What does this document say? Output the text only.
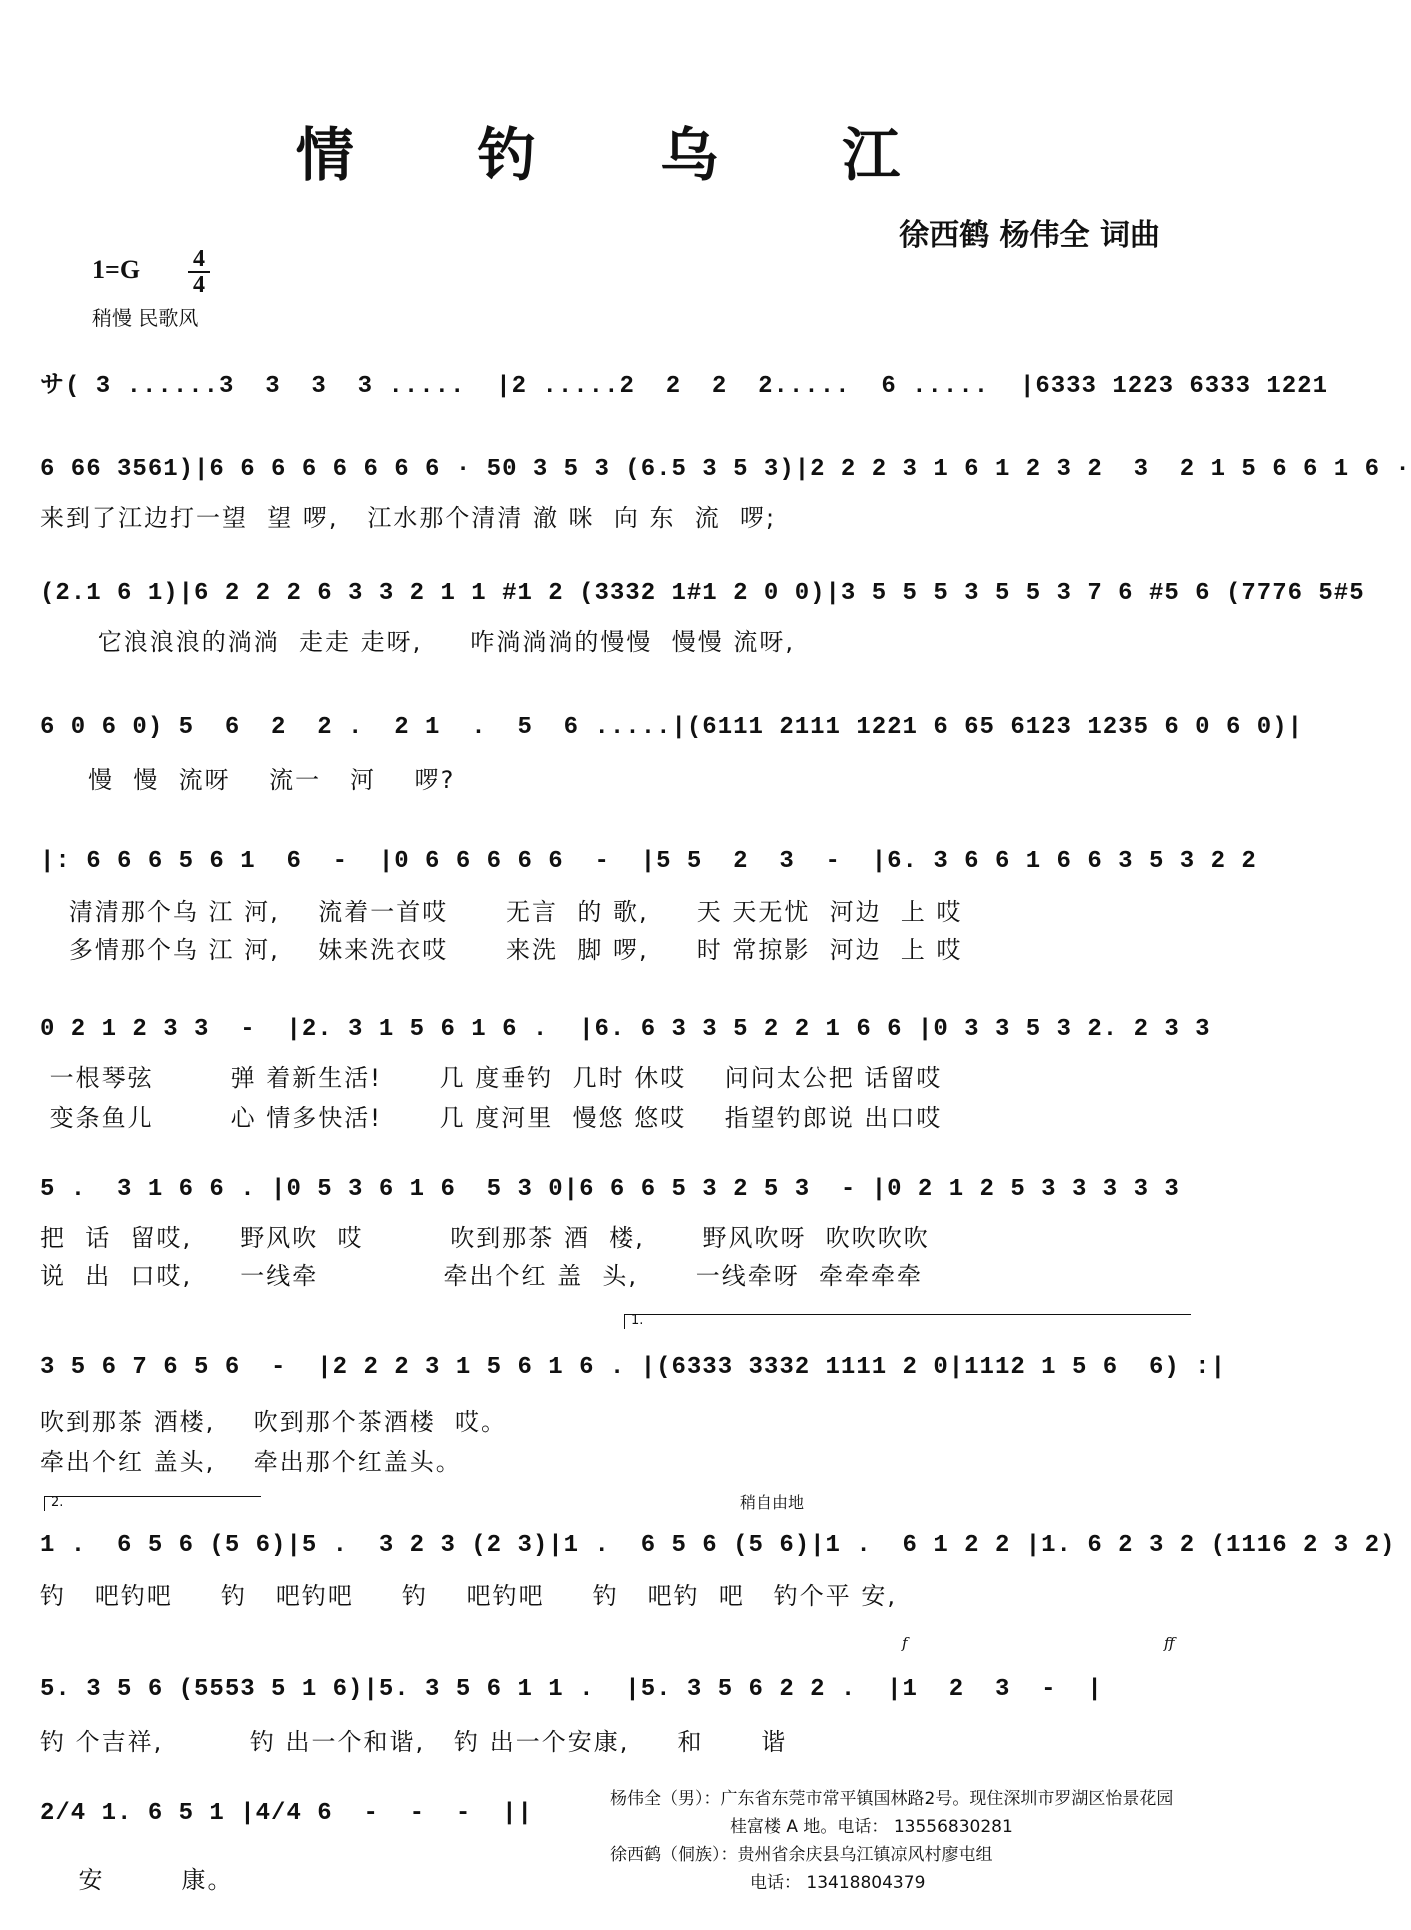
情 钓 乌 江
徐西鹤 杨伟全 词曲
1=G 4
4
稍慢 民歌风
サ( 3 ......3  3  3  3 .....  |2 .....2  2  2  2.....  6 .....  |6333 1223 6333 1221
6 66 3561)|6 6 6 6 6 6 6 6 · 50 3 5 3 (6.5 3 5 3)|2 2 2 3 1 6 1 2 3 2  3  2 1 5 6 6 1 6 ·
来到了江边打一望  望 啰,   江水那个清清 澈 咪  向 东  流  啰;
(2.1 6 1)|6 2 2 2 6 3 3 2 1 1 #1 2 (3332 1#1 2 0 0)|3 5 5 5 3 5 5 3 7 6 #5 6 (7776 5#5
它浪浪浪的淌淌  走走 走呀,     咋淌淌淌的慢慢  慢慢 流呀,
6 0 6 0) 5  6  2  2 .  2 1  .  5  6 .....|(6111 2111 1221 6 65 6123 1235 6 0 6 0)|
慢  慢  流呀    流一   河    啰?
|: 6 6 6 5 6 1  6  -  |0 6 6 6 6 6  -  |5 5  2  3  -  |6. 3 6 6 1 6 6 3 5 3 2 2
清清那个乌 江 河,    流着一首哎      无言  的 歌,     天 天无忧  河边  上 哎
多情那个乌 江 河,    妹来洗衣哎      来洗  脚 啰,     时 常掠影  河边  上 哎
0 2 1 2 3 3  -  |2. 3 1 5 6 1 6 .  |6. 6 3 3 5 2 2 1 6 6 |0 3 3 5 3 2. 2 3 3
一根琴弦        弹 着新生活!      几 度垂钓  几时 休哎    问问太公把 话留哎
变条鱼儿        心 情多快活!      几 度河里  慢悠 悠哎    指望钓郎说 出口哎
5 .  3 1 6 6 . |0 5 3 6 1 6  5 3 0|6 6 6 5 3 2 5 3  - |0 2 1 2 5 3 3 3 3 3
把  话  留哎,     野风吹  哎         吹到那茶 酒  楼,      野风吹呀  吹吹吹吹
说  出  口哎,     一线牵             牵出个红 盖  头,      一线牵呀  牵牵牵牵
1.
3 5 6 7 6 5 6  -  |2 2 2 3 1 5 6 1 6 . |(6333 3332 1111 2 0|1112 1 5 6  6) :|
吹到那茶 酒楼,    吹到那个茶酒楼  哎。
牵出个红 盖头,    牵出那个红盖头。
2.	稍自由地
1 .  6 5 6 (5 6)|5 .  3 2 3 (2 3)|1 .  6 5 6 (5 6)|1 .  6 1 2 2 |1. 6 2 3 2 (1116 2 3 2)
钓   吧钓吧     钓   吧钓吧     钓    吧钓吧     钓   吧钓  吧   钓个平 安,
f	ff
5. 3 5 6 (5553 5 1 6)|5. 3 5 6 1 1 .  |5. 3 5 6 2 2 .  |1  2  3  -  |
钓 个吉祥,         钓 出一个和谐,   钓 出一个安康,     和      谐
2/4 1. 6 5 1 |4/4 6  -  -  -  ||
安        康。
杨伟全（男）：广东省东莞市常平镇国林路2号。现住深圳市罗湖区怡景花园
桂富楼 A 地。电话： 13556830281
徐西鹤（侗族）：贵州省余庆县乌江镇凉风村廖屯组
电话： 13418804379
